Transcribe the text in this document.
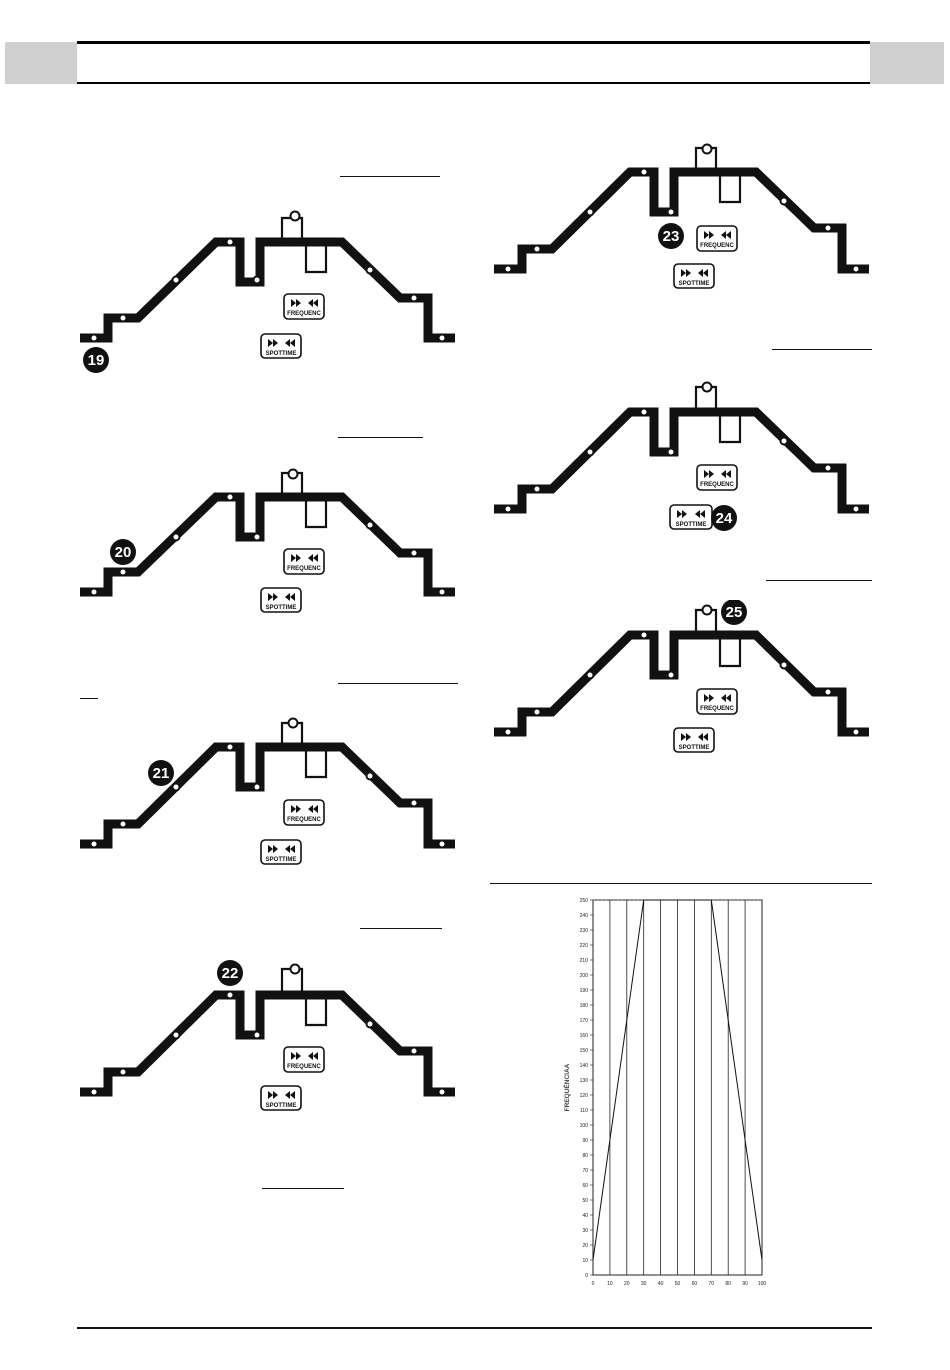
FREQUENC
SPOTTIME
19
FREQUENC
SPOTTIME
20
FREQUENC
SPOTTIME
21
FREQUENC
SPOTTIME
22
FREQUENC
SPOTTIME
23
FREQUENC
SPOTTIME 24
FREQUENC
SPOTTIME
25
0
10
20
30
40
50
60
70
80
90
100
110
120
130
140
150
160
170
180
190
200
210
220
230
240
250
0	10 20 30 40 50 60 70 80 90 100
FREQUÊNCIAA
